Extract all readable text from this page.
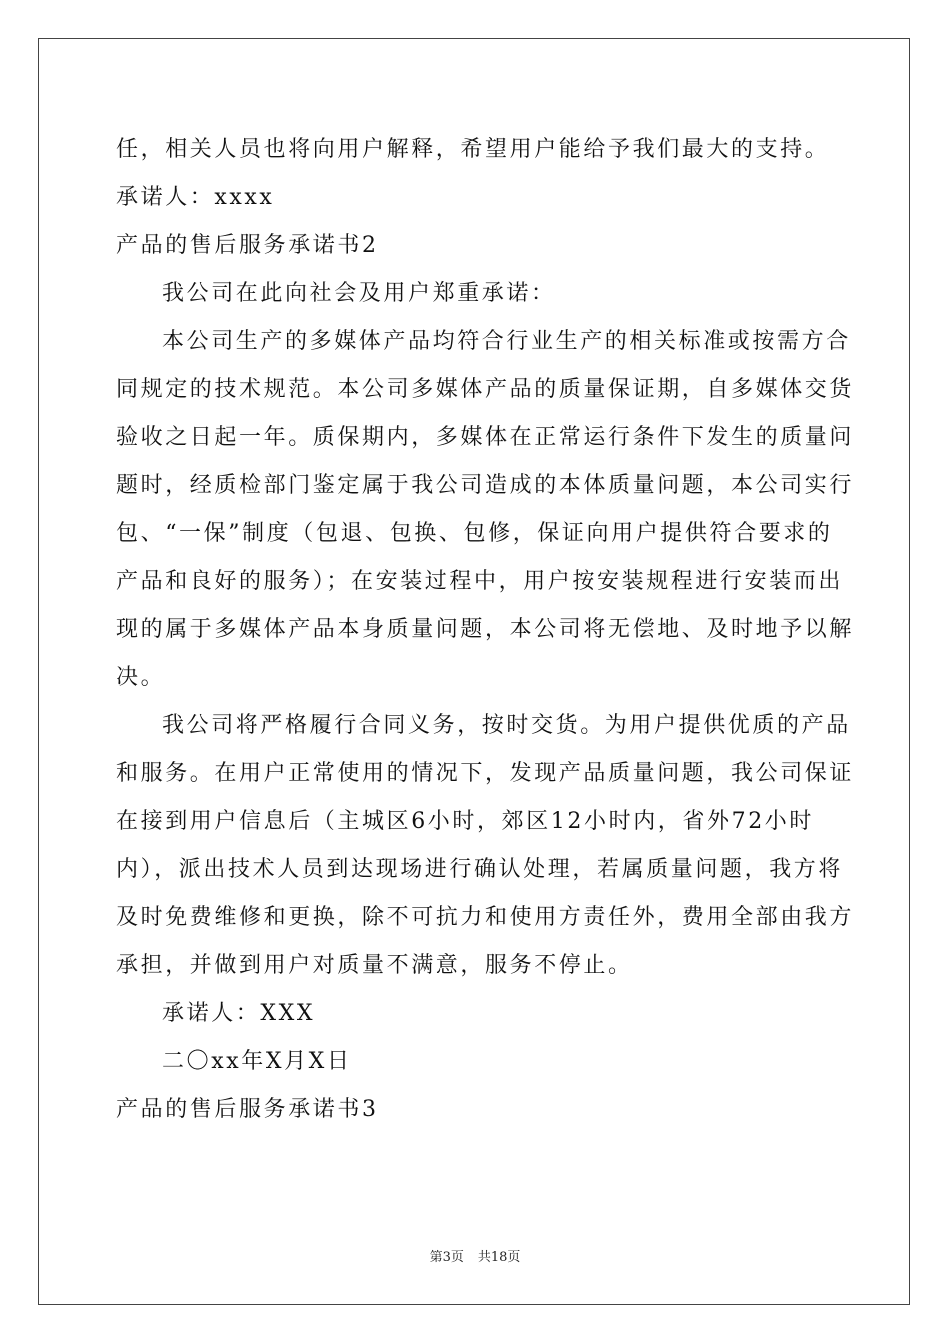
任，相关人员也将向用户解释，希望用户能给予我们最大的支持。

承诺人：xxxx

产品的售后服务承诺书2

我公司在此向社会及用户郑重承诺：

本公司生产的多媒体产品均符合行业生产的相关标准或按需方合

同规定的技术规范。本公司多媒体产品的质量保证期，自多媒体交货

验收之日起一年。质保期内，多媒体在正常运行条件下发生的质量问

题时，经质检部门鉴定属于我公司造成的本体质量问题，本公司实行

包、“一保”制度（包退、包换、包修，保证向用户提供符合要求的

产品和良好的服务）；在安装过程中，用户按安装规程进行安装而出

现的属于多媒体产品本身质量问题，本公司将无偿地、及时地予以解

决。

我公司将严格履行合同义务，按时交货。为用户提供优质的产品

和服务。在用户正常使用的情况下，发现产品质量问题，我公司保证

在接到用户信息后（主城区6小时，郊区12小时内，省外72小时

内），派出技术人员到达现场进行确认处理，若属质量问题，我方将

及时免费维修和更换，除不可抗力和使用方责任外，费用全部由我方

承担，并做到用户对质量不满意，服务不停止。

承诺人：XXX

二〇xx年X月X日

产品的售后服务承诺书3

第3页 共18页
